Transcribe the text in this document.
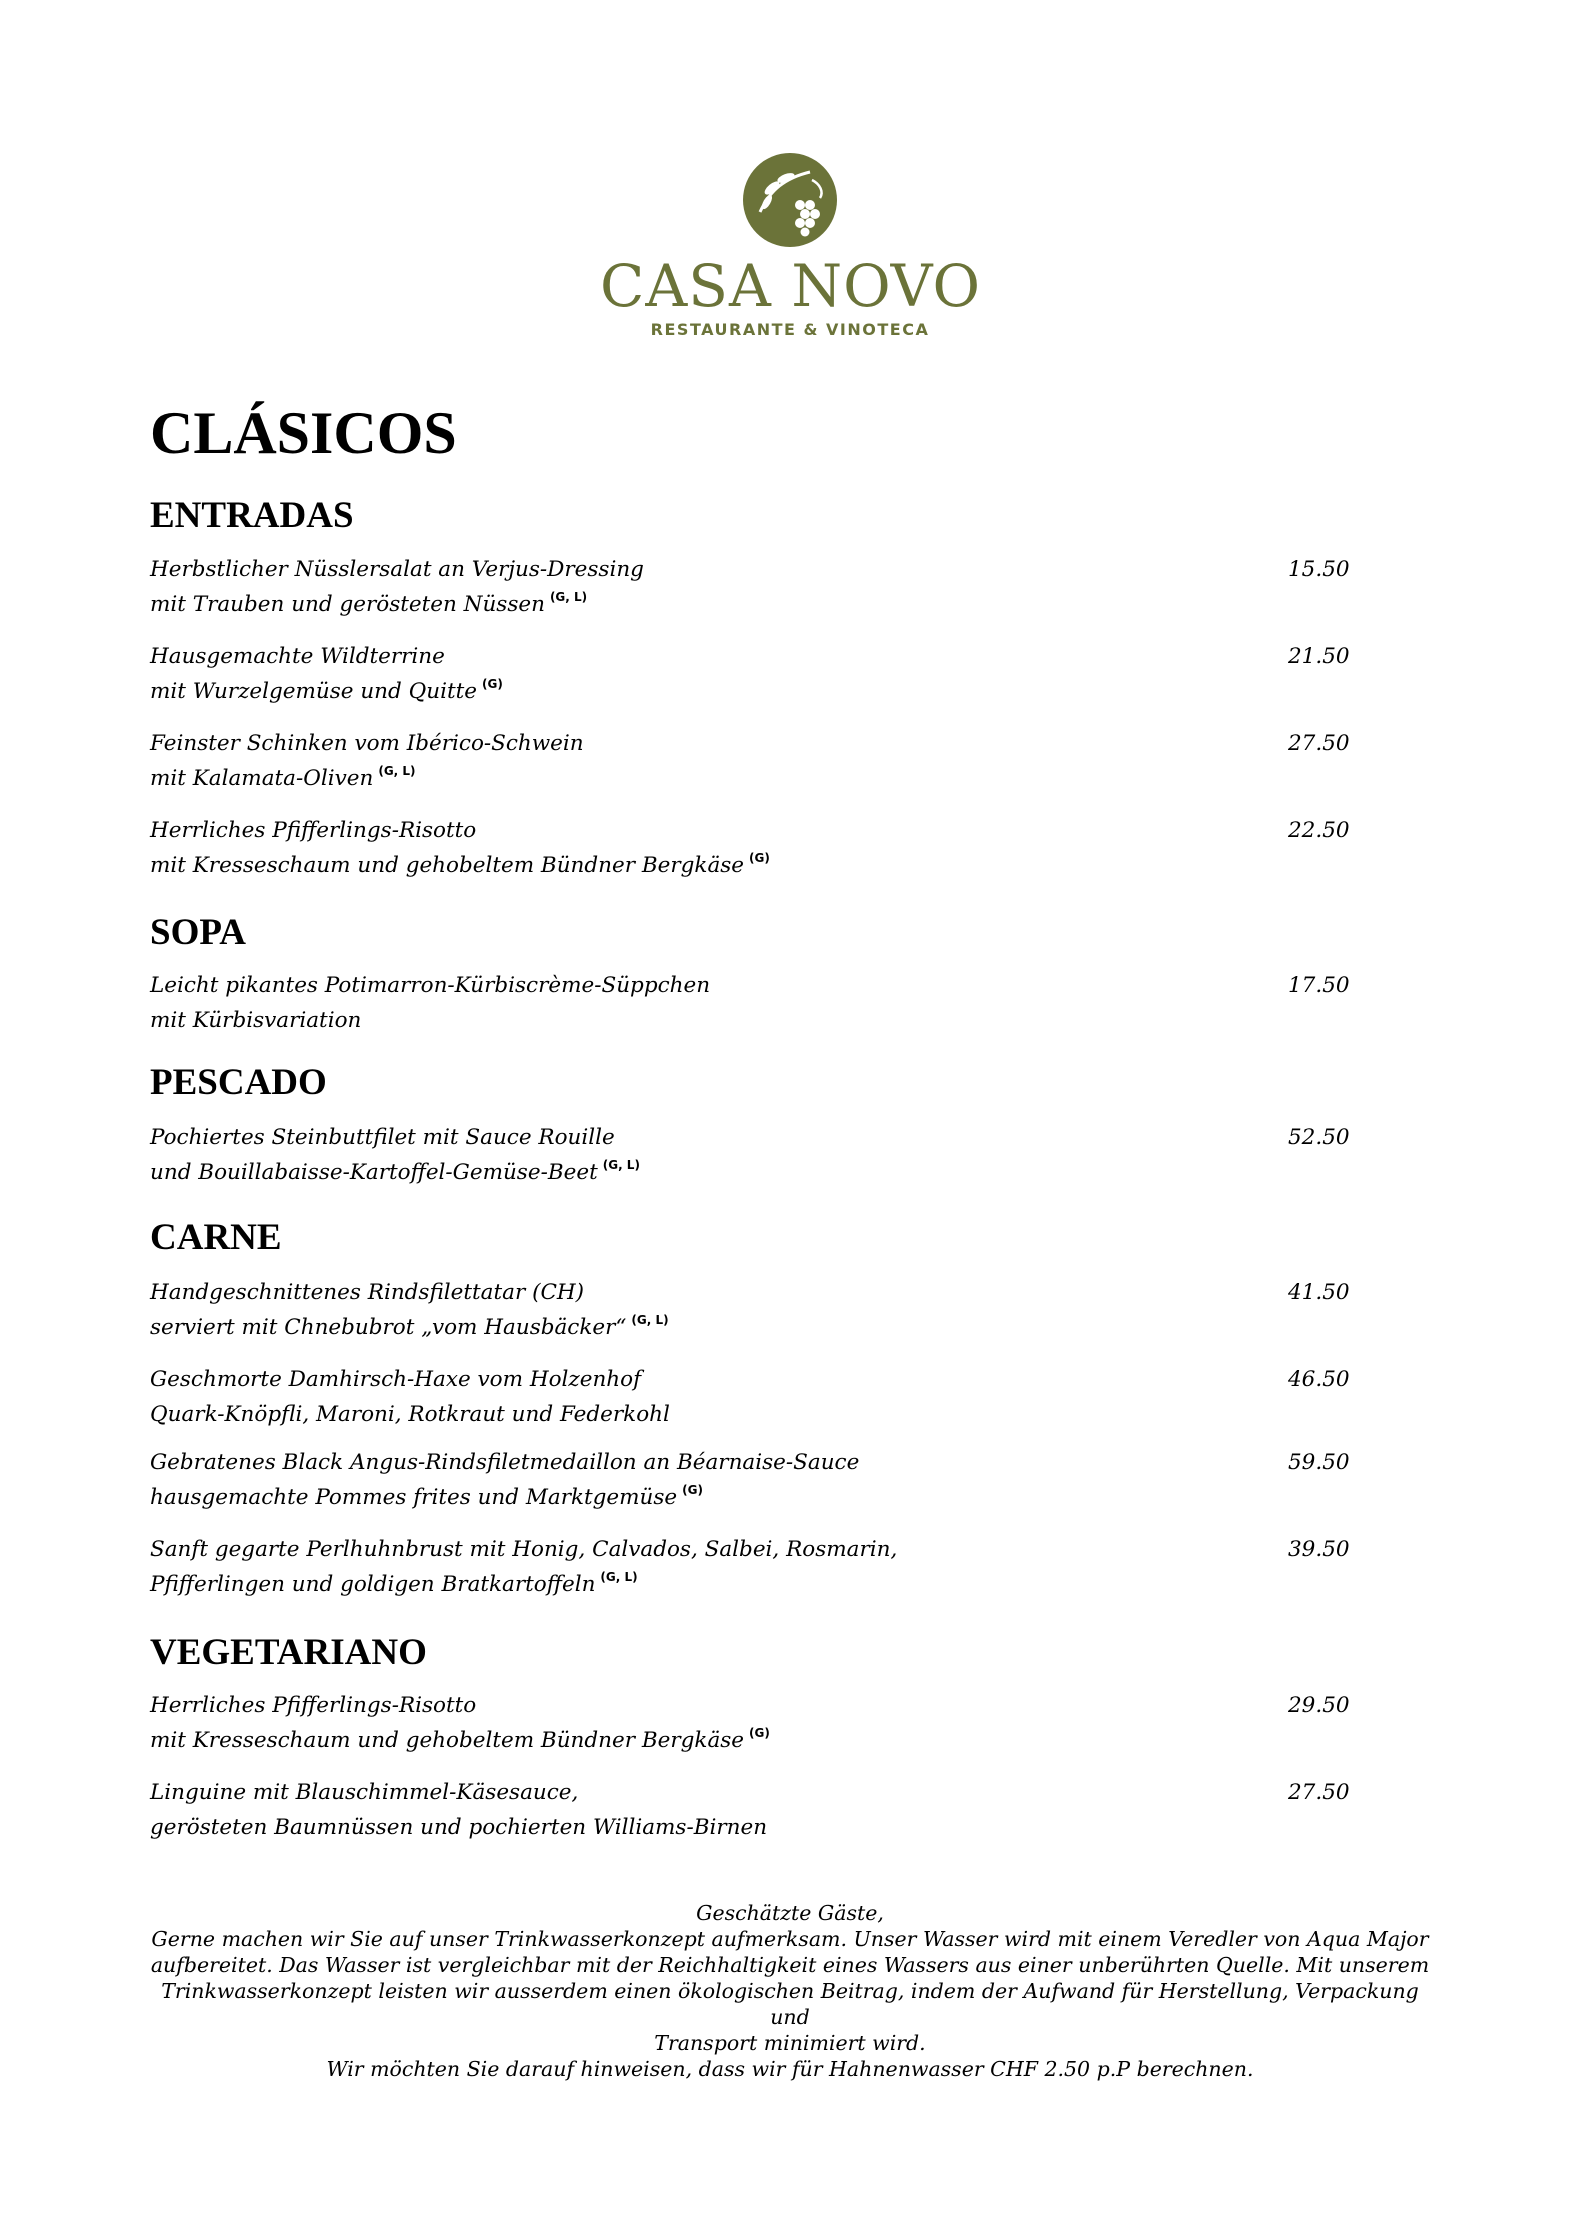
CASA NOVO
RESTAURANTE & VINOTECA
CLÁSICOS
ENTRADAS
Herbstlicher Nüsslersalat an Verjus-Dressing
mit Trauben und gerösteten Nüssen $^{(G, L)}$
15.50
Hausgemachte Wildterrine
mit Wurzelgemüse und Quitte $^{(G)}$
21.50
Feinster Schinken vom Ibérico-Schwein
mit Kalamata-Oliven $^{(G, L)}$
27.50
Herrliches Pfifferlings-Risotto
mit Kresseschaum und gehobeltem Bündner Bergkäse $^{(G)}$
22.50
SOPA
Leicht pikantes Potimarron-Kürbiscrème-Süppchen
mit Kürbisvariation
17.50
PESCADO
Pochiertes Steinbuttfilet mit Sauce Rouille
und Bouillabaisse-Kartoffel-Gemüse-Beet $^{(G, L)}$
52.50
CARNE
Handgeschnittenes Rindsfilettatar (CH)
serviert mit Chnebubrot „vom Hausbäcker“ $^{(G, L)}$
41.50
Geschmorte Damhirsch-Haxe vom Holzenhof
Quark-Knöpfli, Maroni, Rotkraut und Federkohl
46.50
Gebratenes Black Angus-Rindsfiletmedaillon an Béarnaise-Sauce
hausgemachte Pommes frites und Marktgemüse $^{(G)}$
59.50
Sanft gegarte Perlhuhnbrust mit Honig, Calvados, Salbei, Rosmarin,
Pfifferlingen und goldigen Bratkartoffeln $^{(G, L)}$
39.50
VEGETARIANO
Herrliches Pfifferlings-Risotto
mit Kresseschaum und gehobeltem Bündner Bergkäse $^{(G)}$
29.50
Linguine mit Blauschimmel-Käsesauce,
gerösteten Baumnüssen und pochierten Williams-Birnen
27.50
Geschätzte Gäste,
Gerne machen wir Sie auf unser Trinkwasserkonzept aufmerksam. Unser Wasser wird mit einem Veredler von Aqua Major
aufbereitet. Das Wasser ist vergleichbar mit der Reichhaltigkeit eines Wassers aus einer unberührten Quelle. Mit unserem
Trinkwasserkonzept leisten wir ausserdem einen ökologischen Beitrag, indem der Aufwand für Herstellung, Verpackung und
Transport minimiert wird.
Wir möchten Sie darauf hinweisen, dass wir für Hahnenwasser CHF 2.50 p.P berechnen.
